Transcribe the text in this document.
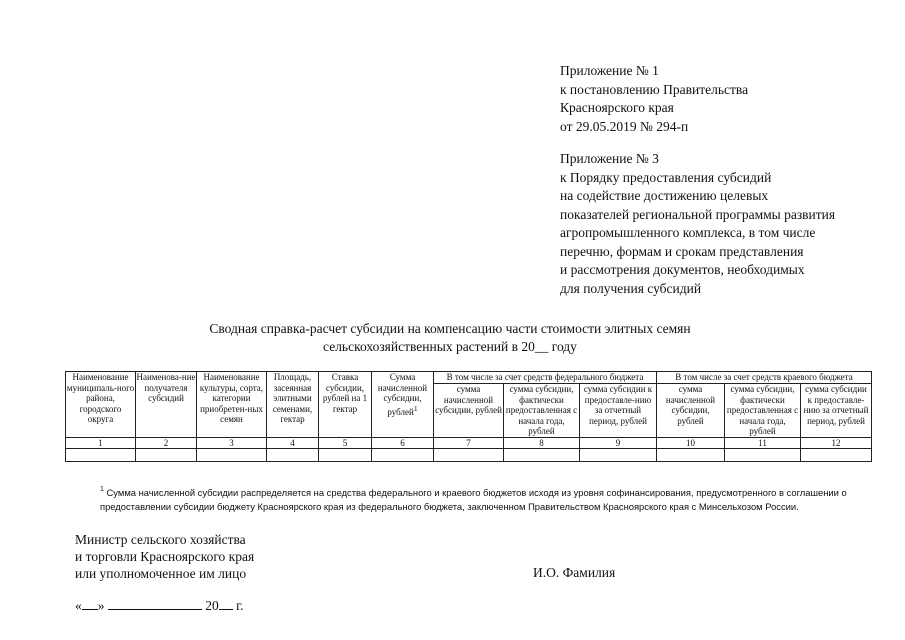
Приложение № 1
к постановлению Правительства
Красноярского края
от 29.05.2019 № 294-п
Приложение № 3
к Порядку предоставления субсидий
на содействие достижению целевых
показателей региональной программы развития
агропромышленного комплекса, в том числе
перечню, формам и срокам представления
и рассмотрения документов, необходимых
для получения субсидий
Сводная справка-расчет субсидии на компенсацию части стоимости элитных семян
сельскохозяйственных растений в 20__ году
Наименование муниципаль-ного района, городского округа	Наименова-ние получателя субсидий	Наименование культуры, сорта, категории приобретен-ных семян	Площадь, засеянная элитными семенами, гектар	Ставка субсидии, рублей на 1 гектар	Сумма начисленной субсидии, рублей$^1$	В том числе за счет средств федерального бюджета			В том числе за счет средств краевого бюджета		
						сумма начисленной субсидии, рублей	сумма субсидии, фактически предоставленная с начала года, рублей	сумма субсидии к предоставле-нию за отчетный период, рублей	сумма начисленной субсидии, рублей	сумма субсидии, фактически предоставленная с начала года, рублей	сумма субсидии к предоставле-нию за отчетный период, рублей
1	2	3	4	5	6	7	8	9	10	11	12

$^1$ Сумма начисленной субсидии распределяется на средства федерального и краевого бюджетов исходя из уровня софинансирования, предусмотренного в соглашении о предоставлении субсидии бюджету Красноярского края из федерального бюджета, заключенном Правительством Красноярского края с Минсельхозом России.
Министр сельского хозяйства
и торговли Красноярского края
или уполномоченное им лицо	И.О. Фамилия
« »	20 г.
